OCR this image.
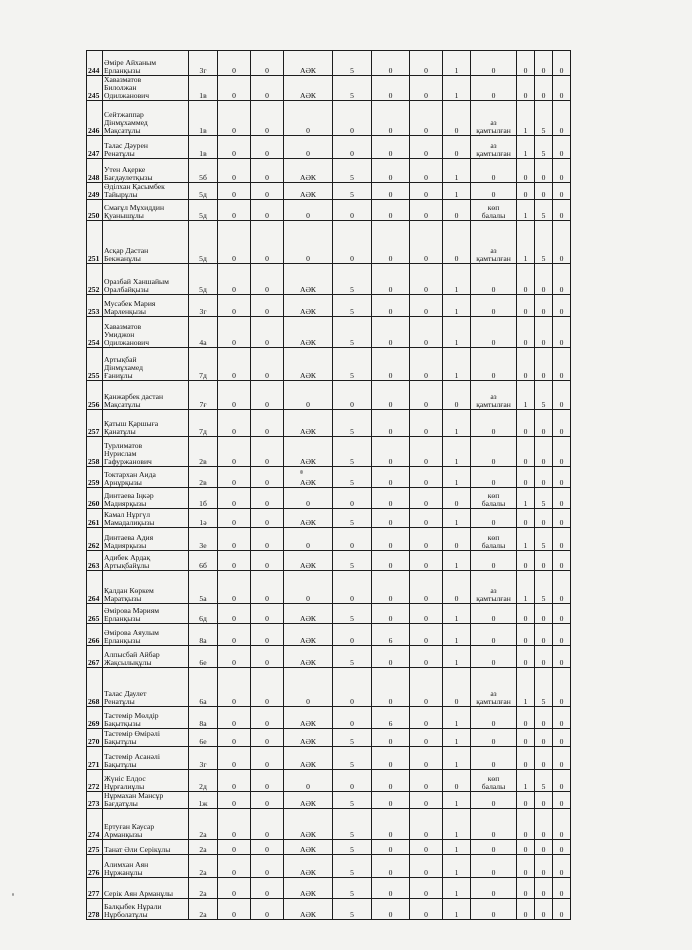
244	Әміре Айханым
Ерланқызы	3г	0	0	АӘК	5	0	0	1	0	0	0	0
245	Хавазматов
Билолжан
Одилжанович	1в	0	0	АӘК	5	0	0	1	0	0	0	0
246	Сейтжаппар
Дінмұхаммед
Мақсатұлы	1в	0	0	0	0	0	0	0	аз
қамтылған	1	5	0
247	Талас Дәурен
Ренатұлы	1в	0	0	0	0	0	0	0	аз
қамтылған	1	5	0
248	Утен Ақерке
Бағдаулетқызы	5б	0	0	АӘК	5	0	0	1	0	0	0	0
249	Әділхан Қасымбек
Тайырұлы	5д	0	0	АӘК	5	0	0	1	0	0	0	0
250	Смағұл Мұхиддин
Қуанышұлы	5д	0	0	0	0	0	0	0	көп
балалы	1	5	0
251	Асқар Дастан
Бекжанұлы	5д	0	0	0	0	0	0	0	аз
қамтылған	1	5	0
252	Оразбай Ханшайым
Оралбайқызы	5д	0	0	АӘК	5	0	0	1	0	0	0	0
253	Мусабек Мария
Марленқызы	3г	0	0	АӘК	5	0	0	1	0	0	0	0
254	Хавазматов
Умиджон
Одилжанович	4а	0	0	АӘК	5	0	0	1	0	0	0	0
255	Артықбай
Дінмұхамед
Ғаниұлы	7д	0	0	АӘК	5	0	0	1	0	0	0	0
256	Қанжарбек дастан
Мақсатұлы	7ғ	0	0	0	0	0	0	0	аз
қамтылған	1	5	0
257	Қатыш Қаршыға
Қанатұлы	7д	0	0	АӘК	5	0	0	1	0	0	0	0
258	Турлиматов
Нурислам
Гафуржанович	2в	0	0	АӘК	5	0	0	1	0	0	0	0
259	Токтархан Аида
Арнұрқызы	2в	0	0	АӘК	5	0	0	1	0	0	0	0
260	Динтаева Іңкәр
Мадиярқызы	1б	0	0	0	0	0	0	0	көп
балалы	1	5	0
261	Камал Нұргүл
Мамадалиқызы	1ә	0	0	АӘК	5	0	0	1	0	0	0	0
262	Динтаева Адия
Мадиярқызы	3е	0	0	0	0	0	0	0	көп
балалы	1	5	0
263	Адибек Ардақ
Артықбайұлы	6б	0	0	АӘК	5	0	0	1	0	0	0	0
264	Қалдан Көркем
Маратқызы	5а	0	0	0	0	0	0	0	аз
қамтылған	1	5	0
265	Әмірова Мәриям
Ерланқызы	6д	0	0	АӘК	5	0	0	1	0	0	0	0
266	Әмірова Аяулым
Ерланқызы	8а	0	0	АӘК	0	6	0	1	0	0	0	0
267	Алпысбай Айбар
Жақсылықұлы	6е	0	0	АӘК	5	0	0	1	0	0	0	0
268	Талас Даулет
Ренатұлы	6а	0	0	0	0	0	0	0	аз
қамтылған	1	5	0
269	Тастемір Мөлдір
Бақытқызы	8а	0	0	АӘК	0	6	0	1	0	0	0	0
270	Тастемір Өмірәлі
Бақытұлы	6е	0	0	АӘК	5	0	0	1	0	0	0	0
271	Тастемір Асанәлі
Бақытұлы	3г	0	0	АӘК	5	0	0	1	0	0	0	0
272	Жүніс Елдос
Нұрғалиұлы	2д	0	0	0	0	0	0	0	көп
балалы	1	5	0
273	Нұрмахан Мансұр
Бағдатұлы	1ж	0	0	АӘК	5	0	0	1	0	0	0	0
274	Ертуған Каусар
Арманқызы	2а	0	0	АӘК	5	0	0	1	0	0	0	0
275	Танат Әли Серікұлы	2а	0	0	АӘК	5	0	0	1	0	0	0	0
276	Алимхан Аян
Нұржанұлы	2а	0	0	АӘК	5	0	0	1	0	0	0	0
277	Серік Аян Арманұлы	2а	0	0	АӘК	5	0	0	1	0	0	0	0
278	Балқыбек Нұрали
Нұрболатұлы	2а	0	0	АӘК	5	0	0	1	0	0	0	0
